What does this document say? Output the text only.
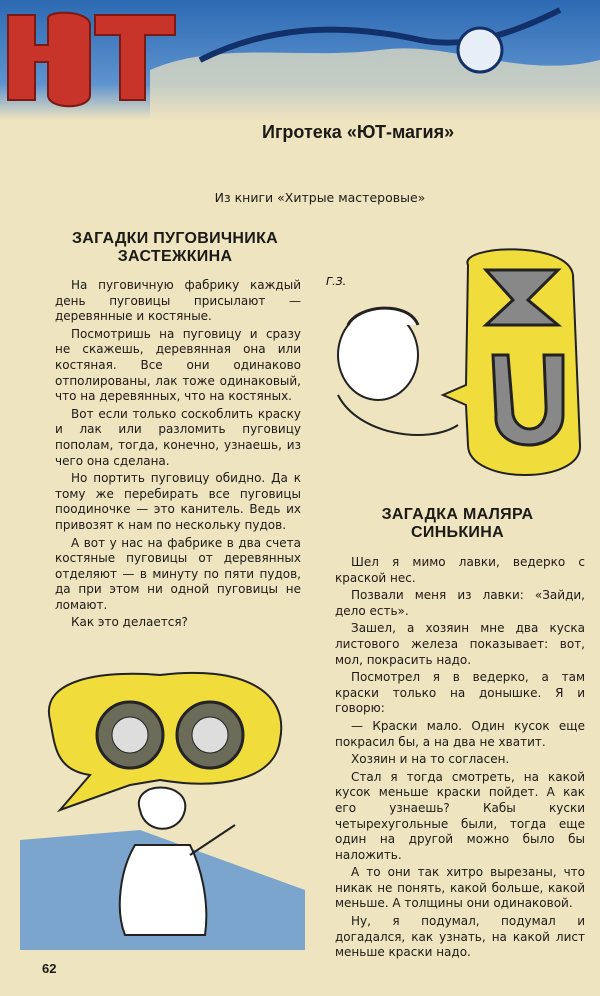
Игротека «ЮТ-магия»
Из книги «Хитрые мастеровые»
ЗАГАДКИ ПУГОВИЧНИКА
ЗАСТЕЖКИНА

На пуговичную фабрику каждый день пуговицы присылают — деревянные и костяные.

Посмотришь на пуговицу и сразу не скажешь, деревянная она или костяная. Все они одинаково отполированы, лак тоже одинаковый, что на деревянных, что на костяных.

Вот если только соскоблить краску и лак или разломить пуговицу пополам, тогда, конечно, узнаешь, из чего она сделана.

Но портить пуговицу обидно. Да к тому же перебирать все пуговицы поодиночке — это канитель. Ведь их привозят к нам по нескольку пудов.

А вот у нас на фабрике в два счета костяные пуговицы от деревянных отделяют — в минуту по пяти пудов, да при этом ни одной пуговицы не ломают.

Как это делается?

Г.З.
ЗАГАДКА МАЛЯРА
СИНЬКИНА

Шел я мимо лавки, ведерко с краской нес.

Позвали меня из лавки: «Зайди, дело есть».

Зашел, а хозяин мне два куска листового железа показывает: вот, мол, покрасить надо.

Посмотрел я в ведерко, а там краски только на донышке. Я и говорю:

— Краски мало. Один кусок еще покрасил бы, а на два не хватит.

Хозяин и на то согласен.

Стал я тогда смотреть, на какой кусок меньше краски пойдет. А как его узнаешь? Кабы куски четырехугольные были, тогда еще один на другой можно было бы наложить.

А то они так хитро вырезаны, что никак не понять, какой больше, какой меньше. А толщины они одинаковой.

Ну, я подумал, подумал и догадался, как узнать, на какой лист меньше краски надо.

62
